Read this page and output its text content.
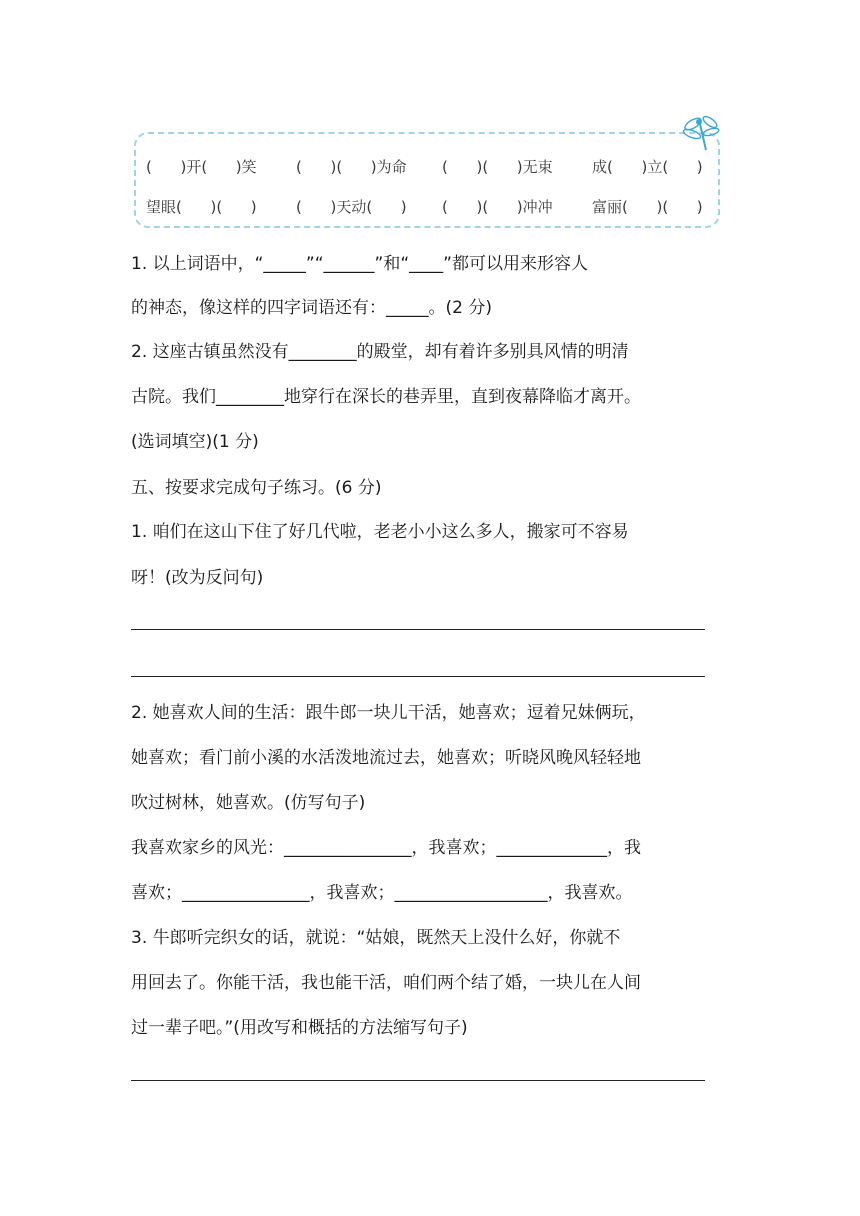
(      )开(      )笑	(      )(      )为命 (      )(      )无束	成(      )立(      )
望眼(      )(      )	(      )天动(      ) (      )(      )冲冲	富丽(      )(      )
1. 以上词语中，“_____”“______”和“____”都可以用来形容人
的神态，像这样的四字词语还有：_____。(2 分)
2. 这座古镇虽然没有________的殿堂，却有着许多别具风情的明清
古院。我们________地穿行在深长的巷弄里，直到夜幕降临才离开。
(选词填空)(1 分)
五、按要求完成句子练习。(6 分)
1. 咱们在这山下住了好几代啦，老老小小这么多人，搬家可不容易
呀！(改为反问句)
2. 她喜欢人间的生活：跟牛郎一块儿干活，她喜欢；逗着兄妹俩玩，
她喜欢；看门前小溪的水活泼地流过去，她喜欢；听晓风晚风轻轻地
吹过树林，她喜欢。(仿写句子)
我喜欢家乡的风光：_______________，我喜欢；_____________，我
喜欢；_______________，我喜欢；__________________，我喜欢。
3. 牛郎听完织女的话，就说：“姑娘，既然天上没什么好，你就不
用回去了。你能干活，我也能干活，咱们两个结了婚，一块儿在人间
过一辈子吧。”(用改写和概括的方法缩写句子)
